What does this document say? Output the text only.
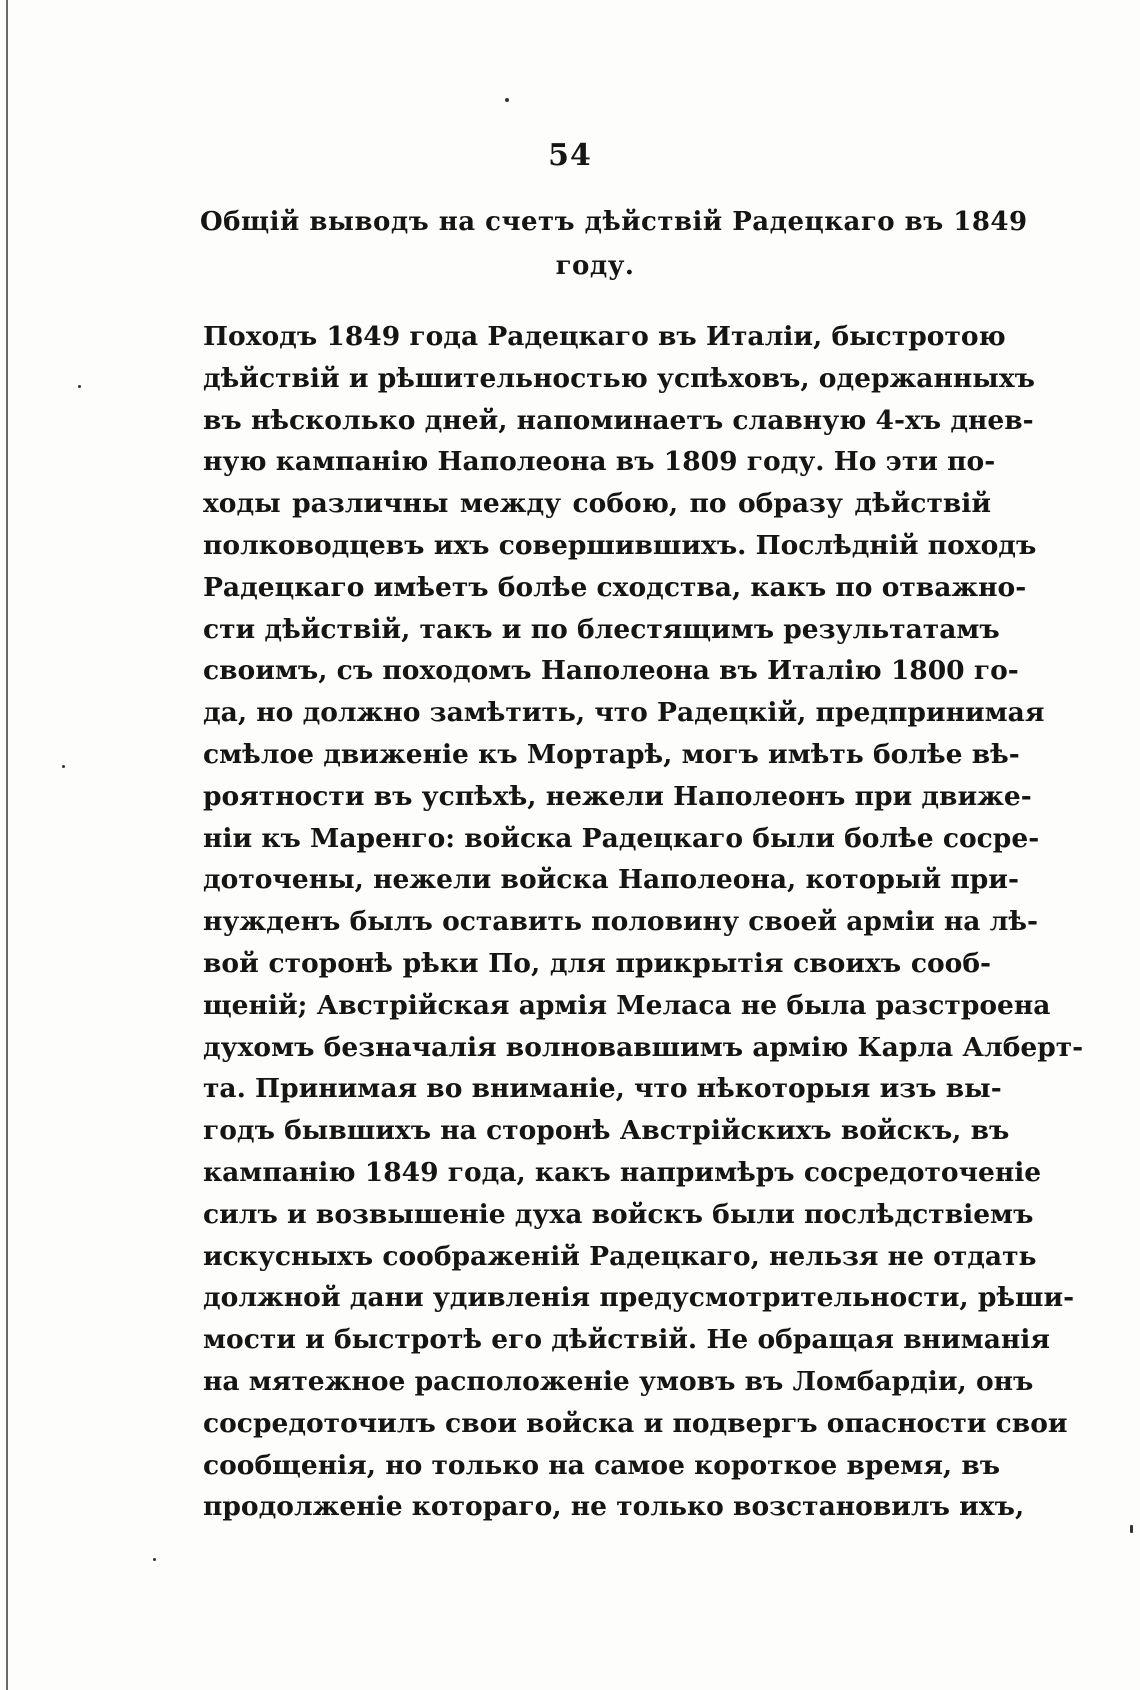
54
Общій выводъ на счетъ дѣйствій Радецкаго въ 1849
году.
Походъ 1849 года Радецкаго въ Италіи, быстротою
дѣйствій и рѣшительностью успѣховъ, одержанныхъ
въ нѣсколько дней, напоминаетъ славную 4-хъ днев-
ную кампанію Наполеона въ 1809 году. Но эти по-
ходы различны между собою, по образу дѣйствій
полководцевъ ихъ совершившихъ. Послѣдній походъ
Радецкаго имѣетъ болѣе сходства, какъ по отважно-
сти дѣйствій, такъ и по блестящимъ результатамъ
своимъ, съ походомъ Наполеона въ Италію 1800 го-
да, но должно замѣтить, что Радецкій, предпринимая
смѣлое движеніе къ Мортарѣ, могъ имѣть болѣе вѣ-
роятности въ успѣхѣ, нежели Наполеонъ при движе-
ніи къ Маренго: войска Радецкаго были болѣе сосре-
доточены, нежели войска Наполеона, который при-
нужденъ былъ оставить половину своей арміи на лѣ-
вой сторонѣ рѣки По, для прикрытія своихъ сооб-
щеній; Австрійская армія Меласа не была разстроена
духомъ безначалія волновавшимъ армію Карла Алберт-
та. Принимая во вниманіе, что нѣкоторыя изъ вы-
годъ бывшихъ на сторонѣ Австрійскихъ войскъ, въ
кампанію 1849 года, какъ напримѣръ сосредоточеніе
силъ и возвышеніе духа войскъ были послѣдствіемъ
искусныхъ соображеній Радецкаго, нельзя не отдать
должной дани удивленія предусмотрительности, рѣши-
мости и быстротѣ его дѣйствій. Не обращая вниманія
на мятежное расположеніе умовъ въ Ломбардіи, онъ
сосредоточилъ свои войска и подвергъ опасности свои
сообщенія, но только на самое короткое время, въ
продолженіе котораго, не только возстановилъ ихъ,
